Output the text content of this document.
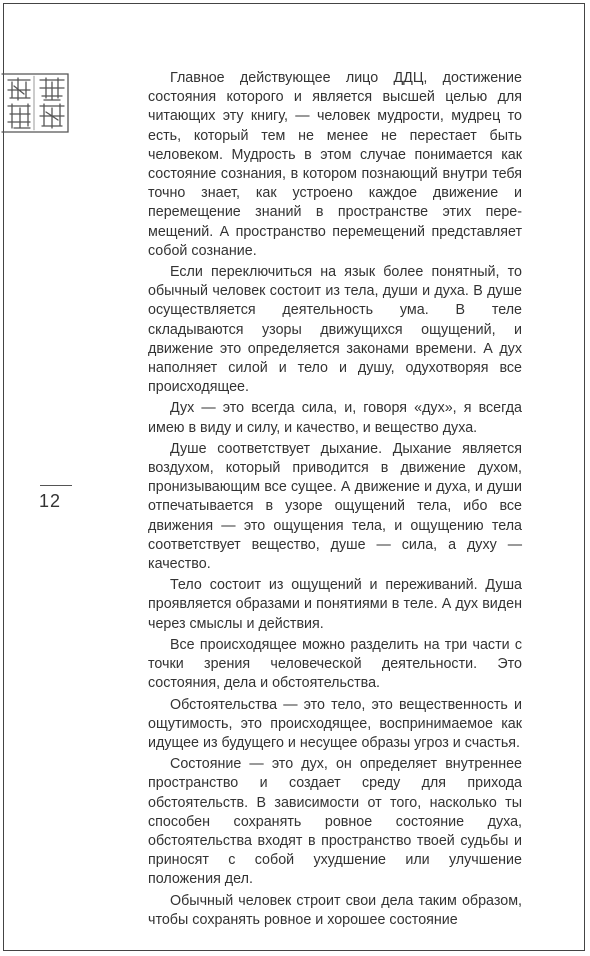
12

Главное действующее лицо ДДЦ, достижение состояния которого и является высшей целью для читающих эту книгу, — человек мудрости, мудрец то есть, который тем не менее не перестает быть человеком. Мудрость в этом случае понимается как состояние сознания, в котором познающий внутри тебя точно знает, как устроено каждое движение и перемещение знаний в пространстве этих перемещений. А пространство перемещений представляет собой сознание.

Если переключиться на язык более понятный, то обычный человек состоит из тела, души и духа. В душе осуществляется деятельность ума. В теле складываются узоры движущихся ощущений, и движение это определяется законами времени. А дух наполняет силой и тело и душу, одухотворяя все происходящее.

Дух — это всегда сила, и, говоря «дух», я всегда имею в виду и силу, и качество, и вещество духа.

Душе соответствует дыхание. Дыхание является воздухом, который приводится в движение духом, пронизывающим все сущее. А движение и духа, и души отпечатывается в узоре ощущений тела, ибо все движения — это ощущения тела, и ощущению тела соответствует вещество, душе — сила, а духу — качество.

Тело состоит из ощущений и переживаний. Душа проявляется образами и понятиями в теле. А дух виден через смыслы и действия.

Все происходящее можно разделить на три части с точки зрения человеческой деятельности. Это состояния, дела и обстоятельства.

Обстоятельства — это тело, это вещественность и ощутимость, это происходящее, воспринимаемое как идущее из будущего и несущее образы угроз и счастья.

Состояние — это дух, он определяет внутреннее пространство и создает среду для прихода обстоятельств. В зависимости от того, насколько ты способен сохранять ровное состояние духа, обстоятельства входят в пространство твоей судьбы и приносят с собой ухудшение или улучшение положения дел.

Обычный человек строит свои дела таким образом, чтобы сохранять ровное и хорошее состояние
